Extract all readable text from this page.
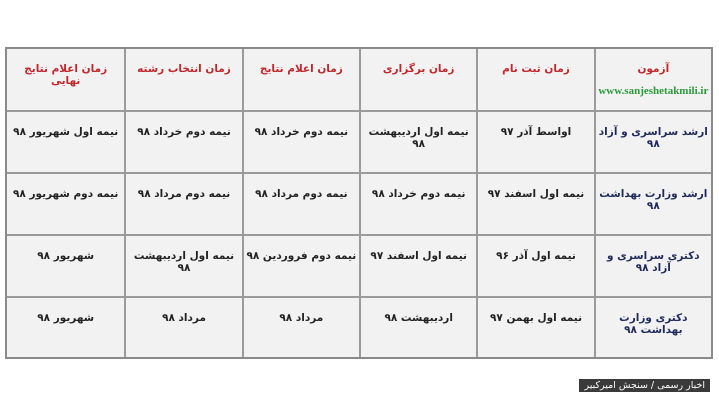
آزمون
www.sanjeshetakmili.ir	زمان ثبت نام	زمان برگزاری	زمان اعلام نتایج	زمان انتخاب رشته	زمان اعلام نتایج نهایی
ارشد سراسری و آزاد ۹۸	اواسط آذر ۹۷	نیمه اول اردیبهشت ۹۸	نیمه دوم خرداد ۹۸	نیمه دوم خرداد ۹۸	نیمه اول شهریور ۹۸
ارشد وزارت بهداشت ۹۸	نیمه اول اسفند ۹۷	نیمه دوم خرداد ۹۸	نیمه دوم مرداد ۹۸	نیمه دوم مرداد ۹۸	نیمه دوم شهریور ۹۸
دکتری سراسری و آزاد ۹۸	نیمه اول آذر ۹۶	نیمه اول اسفند ۹۷	نیمه دوم فروردین ۹۸	نیمه اول اردیبهشت ۹۸	شهریور ۹۸
دکتری وزارت بهداشت ۹۸	نیمه اول بهمن ۹۷	اردیبهشت ۹۸	مرداد ۹۸	مرداد ۹۸	شهریور ۹۸
اخبار رسمی / سنجش امیرکبیر
